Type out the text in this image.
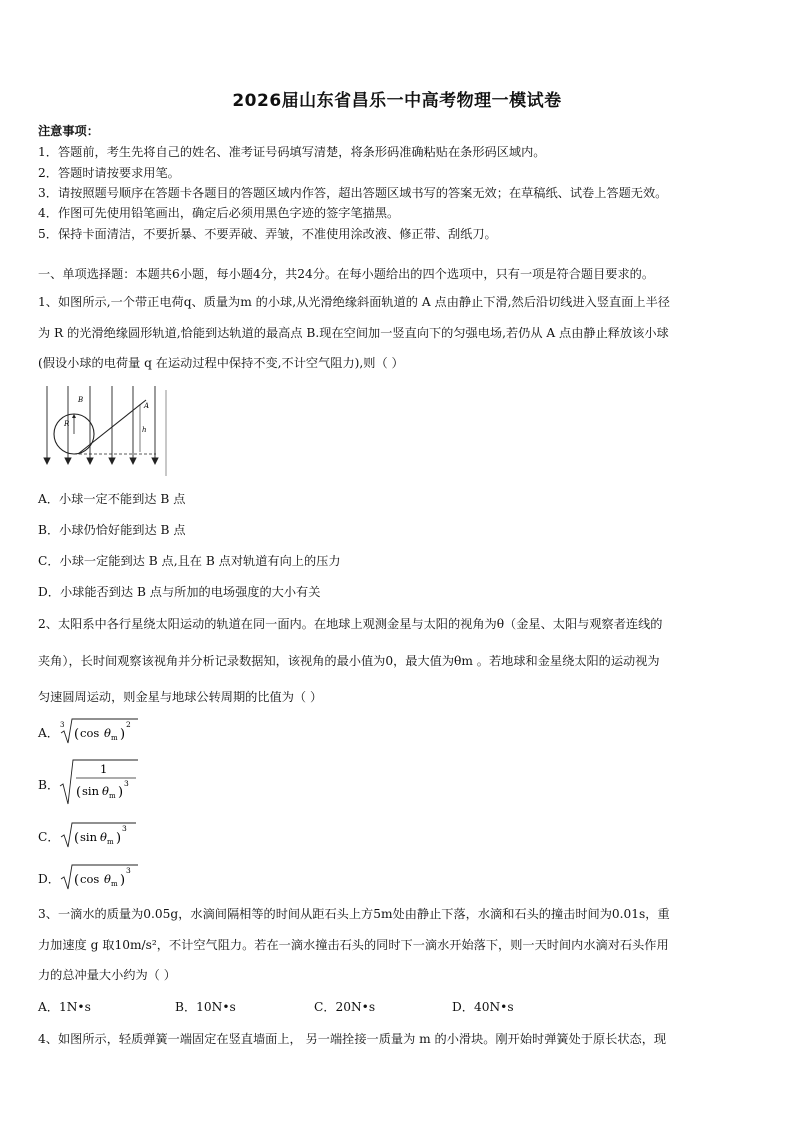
2026届山东省昌乐一中高考物理一模试卷
注意事项：
1．答题前，考生先将自己的姓名、准考证号码填写清楚，将条形码准确粘贴在条形码区域内。
2．答题时请按要求用笔。
3．请按照题号顺序在答题卡各题目的答题区域内作答，超出答题区域书写的答案无效；在草稿纸、试卷上答题无效。
4．作图可先使用铅笔画出，确定后必须用黑色字迹的签字笔描黑。
5．保持卡面清洁，不要折暴、不要弄破、弄皱，不准使用涂改液、修正带、刮纸刀。
一、单项选择题：本题共6小题，每小题4分，共24分。在每小题给出的四个选项中，只有一项是符合题目要求的。
1、如图所示,一个带正电荷q、质量为m 的小球,从光滑绝缘斜面轨道的 A 点由静止下滑,然后沿切线进入竖直面上半径
为 R 的光滑绝缘圆形轨道,恰能到达轨道的最高点 B.现在空间加一竖直向下的匀强电场,若仍从 A 点由静止释放该小球
(假设小球的电荷量 q 在运动过程中保持不变,不计空气阻力),则（ ）
B
R
A
h
A．小球一定不能到达 B 点
B．小球仍恰好能到达 B 点
C．小球一定能到达 B 点,且在 B 点对轨道有向上的压力
D．小球能否到达 B 点与所加的电场强度的大小有关
2、太阳系中各行星绕太阳运动的轨道在同一面内。在地球上观测金星与太阳的视角为θ（金星、太阳与观察者连线的
夹角），长时间观察该视角并分析记录数据知，该视角的最小值为0，最大值为θm 。若地球和金星绕太阳的运动视为
匀速圆周运动，则金星与地球公转周期的比值为（ ）
A．
3
( cos θ m )
2
B．
1
( sin θ m )
3
C． ( sin θ m )
3
D． ( cos θ m )
3
3、一滴水的质量为0.05g，水滴间隔相等的时间从距石头上方5m处由静止下落，水滴和石头的撞击时间为0.01s，重
力加速度 g 取10m/s²，不计空气阻力。若在一滴水撞击石头的同时下一滴水开始落下，则一天时间内水滴对石头作用
力的总冲量大小约为（ ）
A．1N•s	B．10N•s	C．20N•s	D．40N•s
4、如图所示，轻质弹簧一端固定在竖直墙面上， 另一端拴接一质量为 m 的小滑块。刚开始时弹簧处于原长状态，现
